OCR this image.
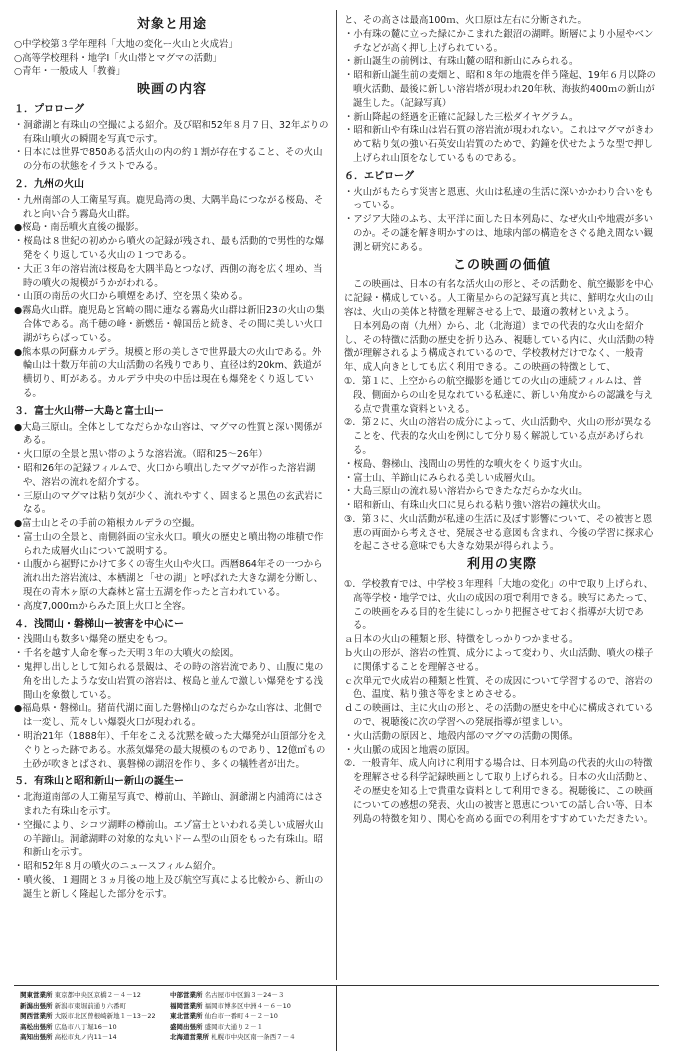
対象と用途

○中学校第３学年理科「大地の変化ー火山と火成岩」

○高等学校理科・地学Ⅰ「火山帯とマグマの活動」

○青年・一般成人「教養」

映画の内容
１．プロローグ

・洞爺湖と有珠山の空撮による紹介。及び昭和52年８月７日、32年ぶりの有珠山噴火の瞬間を写真で示す。

・日本には世界で850ある活火山の内の約１割が存在すること、その火山の分布の状態をイラストでみる。

２．九州の火山

・九州南部の人工衛星写真。鹿児島湾の奥、大隅半島につながる桜島、それと向い合う霧島火山群。

●桜島・南岳噴火直後の撮影。

・桜島は８世紀の初めから噴火の記録が残され、最も活動的で男性的な爆発をくり返している火山の１つである。

・大正３年の溶岩流は桜島を大隅半島とつなげ、西側の海を広く埋め、当時の噴火の規模がうかがわれる。

・山頂の南岳の火口から噴煙をあげ、空を黒く染める。

●霧島火山群。鹿児島と宮崎の間に連なる霧島火山群は新旧23の火山の集合体である。高千穂の峰・新燃岳・韓国岳と続き、その間に美しい火口湖がちらばっている。

●熊本県の阿蘇カルデラ。規模と形の美しさで世界最大の火山である。外輪山は十数万年前の大山活動の名残りであり、直径は約20km、鉄道が横切り、町がある。カルデラ中央の中岳は現在も爆発をくり返している。

３．富士火山帯ー大島と富士山ー

●大島三原山。全体としてなだらかな山容は、マグマの性質と深い関係がある。

・火口原の全景と黒い帯のような溶岩流。（昭和25～26年）

・昭和26年の記録フィルムで、火口から噴出したマグマが作った溶岩湖や、溶岩の流れを紹介する。

・三原山のマグマは粘り気が少く、流れやすく、固まると黒色の玄武岩になる。

●富士山とその手前の箱根カルデラの空撮。

・富士山の全景と、南側斜面の宝永火口。噴火の歴史と噴出物の堆積で作られた成層火山について説明する。

・山腹から裾野にかけて多くの寄生火山や火口。西暦864年その一つから流れ出た溶岩流は、本栖湖と「せの湖」と呼ばれた大きな湖を分断し、現在の青木ヶ原の大森林と富士五湖を作ったと言われている。

・高度7,000ｍからみた頂上火口と全容。

４．浅間山・磐梯山ー被害を中心にー

・浅間山も数多い爆発の歴史をもつ。

・千名を越す人命を奪った天明３年の大噴火の絵図。

・鬼押し出しとして知られる景観は、その時の溶岩流であり、山腹に鬼の角を出したような安山岩質の溶岩は、桜島と並んで激しい爆発をする浅間山を象徴している。

●福島県・磐梯山。猪苗代湖に面した磐梯山のなだらかな山容は、北側では一変し、荒々しい爆裂火口が現われる。

・明治21年（1888年）、千年をこえる沈黙を破った大爆発が山頂部分をえぐりとった跡である。水蒸気爆発の最大規模のものであり、12億㎥もの土砂が吹きとばされ、裏磐梯の湖沼を作り、多くの犠牲者が出た。

５．有珠山と昭和新山ー新山の誕生ー

・北海道南部の人工衛星写真で、樽前山、羊蹄山、洞爺湖と内浦湾にはさまれた有珠山を示す。

・空撮により、シコツ湖畔の樽前山。エゾ富士といわれる美しい成層火山の羊蹄山。洞爺湖畔の対象的な丸いドーム型の山頂をもった有珠山。昭和新山を示す。

・昭和52年８月の噴火のニュースフィルム紹介。

・噴火後、１週間と３ヵ月後の地上及び航空写真による比較から、新山の誕生と新しく隆起した部分を示す。

と、その高さは最高100ｍ、火口原は左右に分断された。

・小有珠の麓に立った緑にかこまれた銀沼の湖畔。断層により小屋やベンチなどが高く押し上げられている。

・新山誕生の前例は、有珠山麓の昭和新山にみられる。

・昭和新山誕生前の麦畑と、昭和８年の地震を伴う隆起、19年６月以降の噴火活動、最後に新しい溶岩塔が現われ20年秋、海抜約400ｍの新山が誕生した。（記録写真）

・新山降起の経過を正確に記録した三松ダイヤグラム。

・昭和新山や有珠山は岩石質の溶岩流が現われない。これはマグマがきわめて粘り気の強い石英安山岩質のためで、釣鐘を伏せたような型で押し上げられ山頂をなしているものである。

６．エピローグ

・火山がもたらす災害と恩恵、火山は私達の生活に深いかかわり合いをもっている。

・アジア大陸のふち、太平洋に面した日本列島に、なぜ火山や地震が多いのか。その謎を解き明かすのは、地球内部の構造をさぐる絶え間ない観測と研究にある。

この映画の価値

この映画は、日本の有名な活火山の形と、その活動を、航空撮影を中心に記録・構成している。人工衛星からの記録写真と共に、鮮明な火山の山容は、火山の美体と特徴を理解させる上で、最適の教材といえよう。

日本列島の南（九州）から、北（北海道）までの代表的な火山を紹介し、その特徴に活動の歴史を折り込み、視聴している内に、火山活動の特徴が理解されるよう構成されているので、学校教材だけでなく、一般青年、成人向きとしても広く利用できる。この映画の特徴として、

①．第１に、上空からの航空撮影を通じての火山の連続フィルムは、普段、側面からの山を見なれている私達に、新しい角度からの認識を与える点で貴重な資料といえる。

②．第２に、火山の溶岩の成分によって、火山活動や、火山の形が異なることを、代表的な火山を例にして分り易く解説している点があげられる。

・桜島、磐梯山、浅間山の男性的な噴火をくり返す火山。

・富士山、羊蹄山にみられる美しい成層火山。

・大島三原山の流れ易い溶岩からできたなだらかな火山。

・昭和新山、有珠山火口に見られる粘り強い溶岩の鐘状火山。

③．第３に、火山活動が私達の生活に及ぼす影響について、その被害と恩恵の両面から考えさせ、発展させる意図も含まれ、今後の学習に探求心を起こさせる意味でも大きな効果が得られよう。

利用の実際

①．学校教育では、中学校３年理科「大地の変化」の中で取り上げられ、高等学校・地学では、火山の成因の項で利用できる。映写にあたって、この映画をみる目的を生徒にしっかり把握させておく指導が大切である。

ａ日本の火山の種類と形、特徴をしっかりつかませる。

ｂ火山の形が、溶岩の性質、成分によって変わり、火山活動、噴火の様子に関係することを理解させる。

ｃ次単元で火成岩の種類と性質、その成因について学習するので、溶岩の色、温度、粘り強さ等をまとめさせる。

ｄこの映画は、主に火山の形と、その活動の歴史を中心に構成されているので、視聴後に次の学習への発展指導が望ましい。

・火山活動の原因と、地殻内部のマグマの活動の関係。

・火山脈の成因と地震の原因。

②．一般青年、成人向けに利用する場合は、日本列島の代表的火山の特徴を理解させる科学記録映画として取り上げられる。日本の火山活動と、その歴史を知る上で貴重な資料として利用できる。視聴後に、この映画についての感想の発表、火山の被害と恩恵についての話し合い等、日本列島の特徴を知り、関心を高める面での利用をすすめていただきたい。

関東営業所 東京都中央区京橋２－４－12	中部営業所 名古屋市中区錦３－24－３
新潟出張所 新潟市東堀前通り六番町	福岡営業所 福岡市博多区中洲４－６－10
関西営業所 大阪市北区曽根崎新地１－13－22 東北営業所 仙台市一番町４－２－10
高松出張所 広島市八丁堀16－10	盛岡出張所 盛岡市大通り２－１
高知出張所 高松市丸ノ内11－14	北海道営業所 札幌市中央区南一条西７－４
